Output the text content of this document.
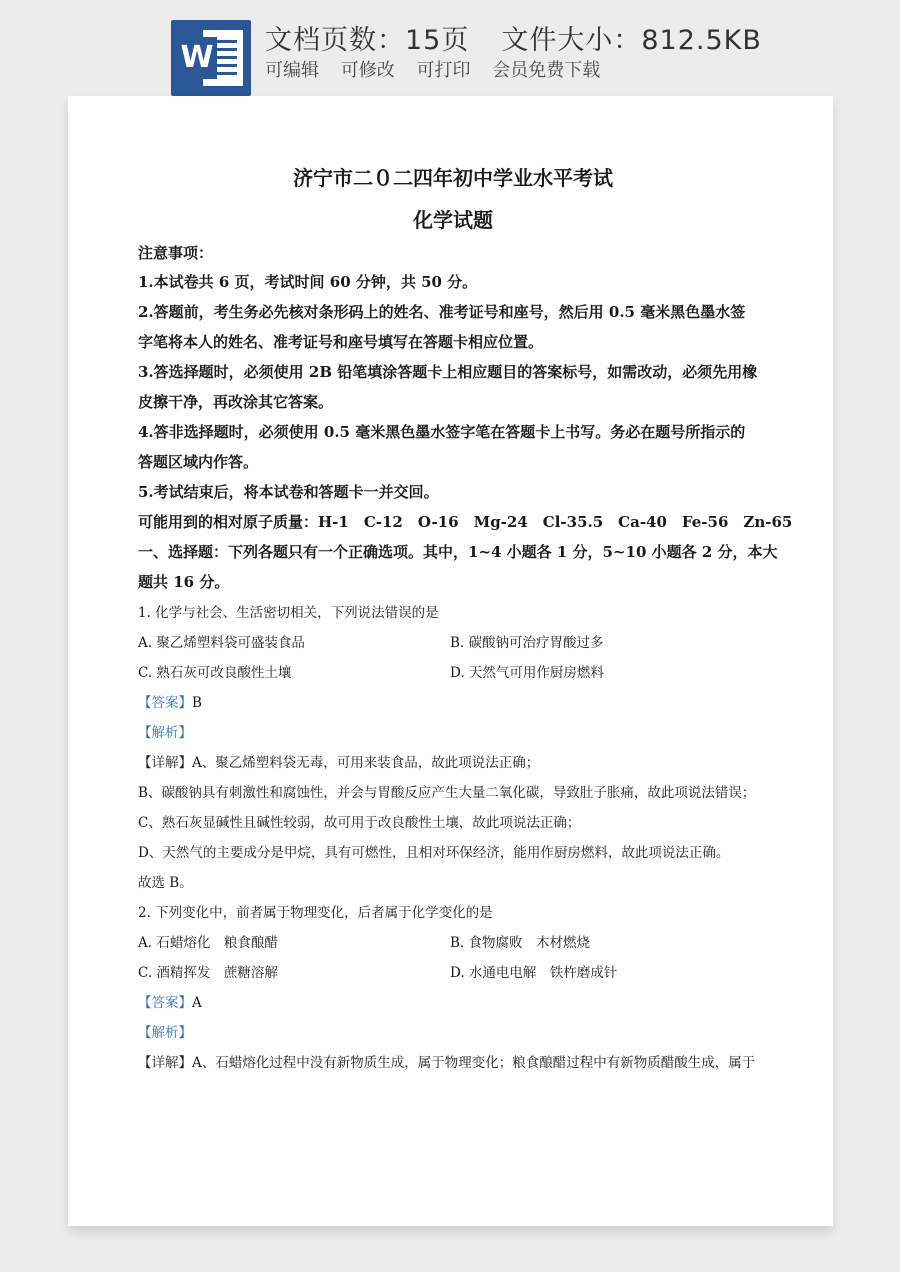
W 文档页数：15页 文件大小：812.5KB
可编辑 可修改 可打印 会员免费下载
济宁市二０二四年初中学业水平考试
化学试题
注意事项：
1.本试卷共 6 页，考试时间 60 分钟，共 50 分。
2.答题前，考生务必先核对条形码上的姓名、准考证号和座号，然后用 0.5 毫米黑色墨水签
字笔将本人的姓名、准考证号和座号填写在答题卡相应位置。
3.答选择题时，必须使用 2B 铅笔填涂答题卡上相应题目的答案标号，如需改动，必须先用橡
皮擦干净，再改涂其它答案。
4.答非选择题时，必须使用 0.5 毫米黑色墨水签字笔在答题卡上书写。务必在题号所指示的
答题区域内作答。
5.考试结束后，将本试卷和答题卡一并交回。
可能用到的相对原子质量：H-1　C-12　O-16　Mg-24　Cl-35.5　Ca-40　Fe-56　Zn-65
一、选择题：下列各题只有一个正确选项。其中，1~4 小题各 1 分，5~10 小题各 2 分，本大
题共 16 分。
1. 化学与社会、生活密切相关，下列说法错误的是
A. 聚乙烯塑料袋可盛装食品	B. 碳酸钠可治疗胃酸过多
C. 熟石灰可改良酸性土壤	D. 天然气可用作厨房燃料
【答案】B
【解析】
【详解】A、聚乙烯塑料袋无毒，可用来装食品，故此项说法正确；
B、碳酸钠具有刺激性和腐蚀性，并会与胃酸反应产生大量二氧化碳，导致肚子胀痛，故此项说法错误；
C、熟石灰显碱性且碱性较弱，故可用于改良酸性土壤，故此项说法正确；
D、天然气的主要成分是甲烷，具有可燃性，且相对环保经济，能用作厨房燃料，故此项说法正确。
故选 B。
2. 下列变化中，前者属于物理变化，后者属于化学变化的是
A. 石蜡熔化　粮食酿醋	B. 食物腐败　木材燃烧
C. 酒精挥发　蔗糖溶解	D. 水通电电解　铁杵磨成针
【答案】A
【解析】
【详解】A、石蜡熔化过程中没有新物质生成，属于物理变化；粮食酿醋过程中有新物质醋酸生成，属于
